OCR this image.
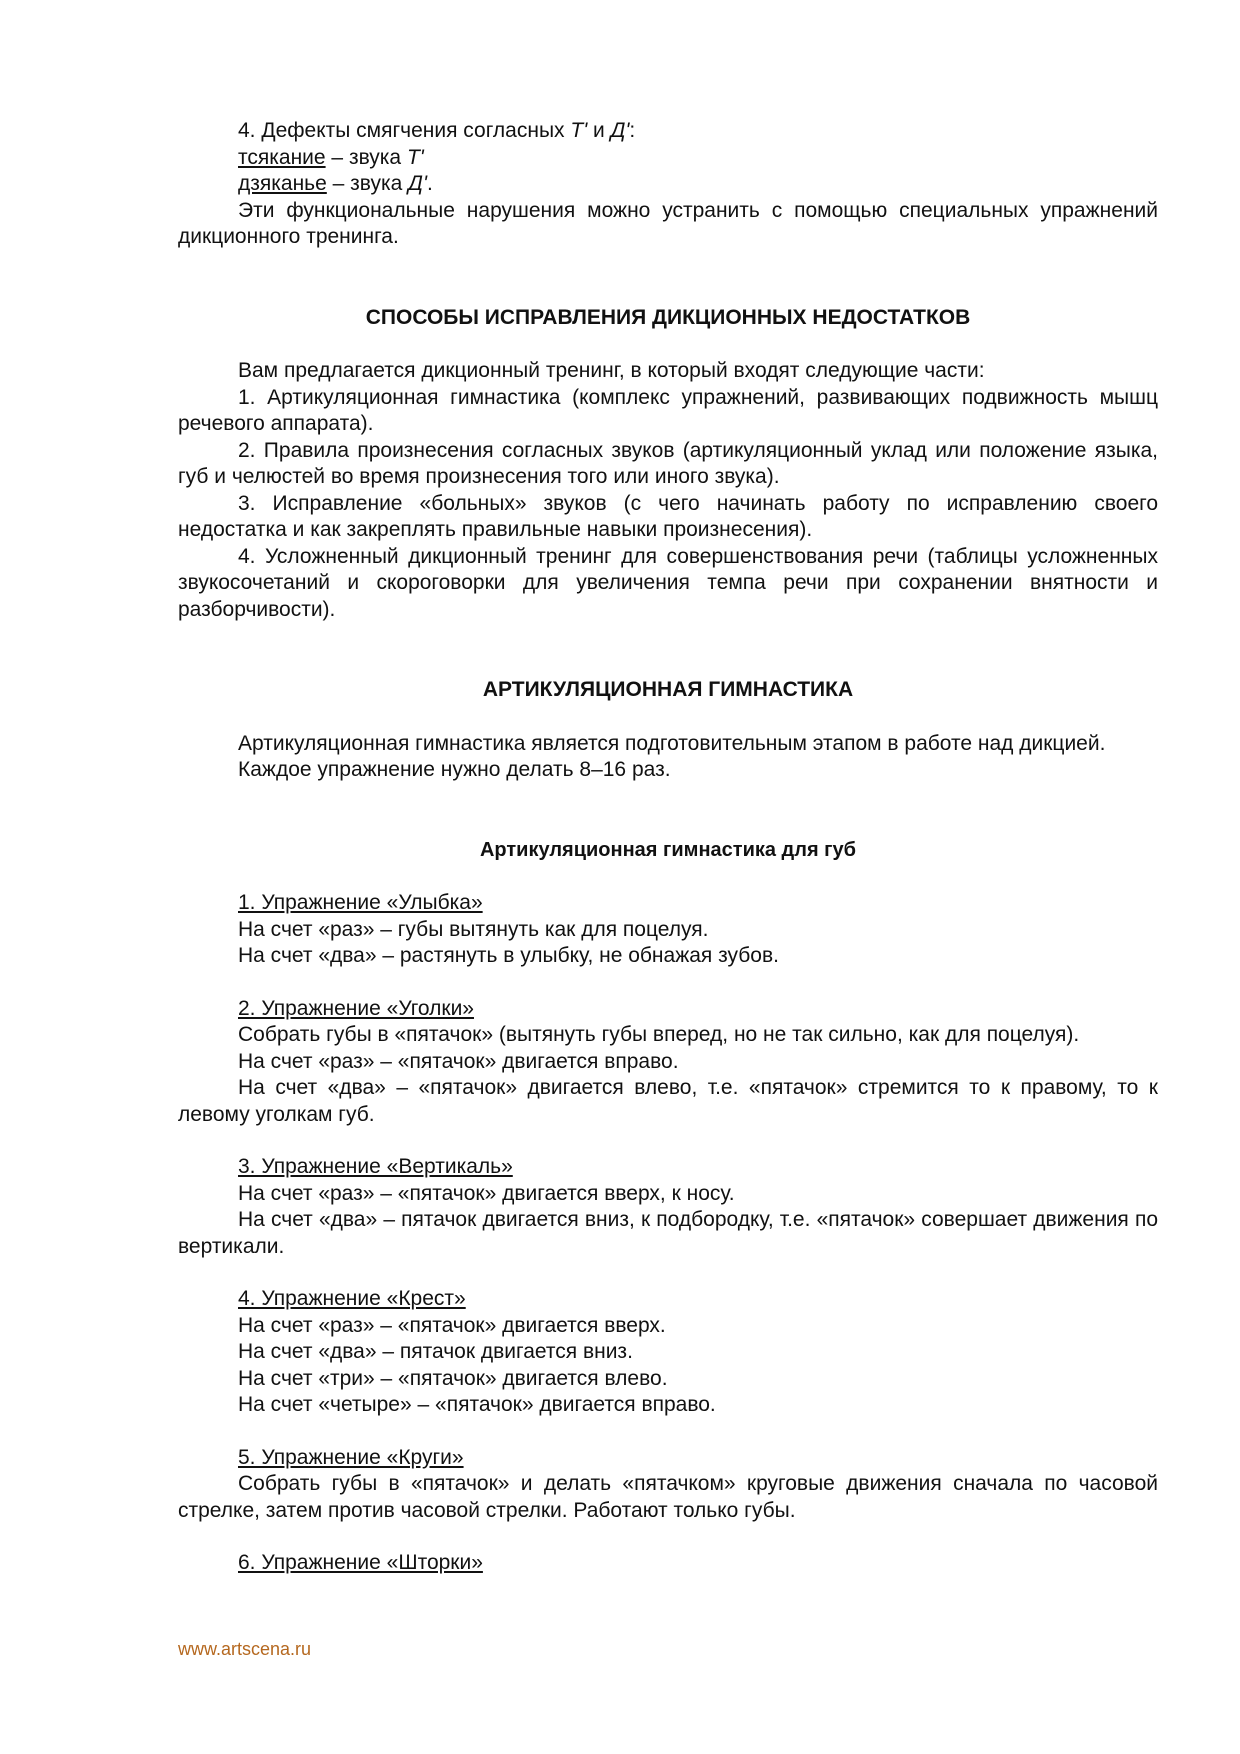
4. Дефекты смягчения согласных Т' и Д':

тсякание – звука Т'

дзяканье – звука Д'.

Эти функциональные нарушения можно устранить с помощью специальных упражнений дикционного тренинга.

СПОСОБЫ ИСПРАВЛЕНИЯ ДИКЦИОННЫХ НЕДОСТАТКОВ

Вам предлагается дикционный тренинг, в который входят следующие части:

1. Артикуляционная гимнастика (комплекс упражнений, развивающих подвижность мышц речевого аппарата).

2. Правила произнесения согласных звуков (артикуляционный уклад или положение языка, губ и челюстей во время произнесения того или иного звука).

3. Исправление «больных» звуков (с чего начинать работу по исправлению своего недостатка и как закреплять правильные навыки произнесения).

4. Усложненный дикционный тренинг для совершенствования речи (таблицы усложненных звукосочетаний и скороговорки для увеличения темпа речи при сохранении внятности и разборчивости).

АРТИКУЛЯЦИОННАЯ ГИМНАСТИКА

Артикуляционная гимнастика является подготовительным этапом в работе над дикцией.

Каждое упражнение нужно делать 8–16 раз.

Артикуляционная гимнастика для губ

1. Упражнение «Улыбка»

На счет «раз» – губы вытянуть как для поцелуя.

На счет «два» – растянуть в улыбку, не обнажая зубов.

2. Упражнение «Уголки»

Собрать губы в «пятачок» (вытянуть губы вперед, но не так сильно, как для поцелуя).

На счет «раз» – «пятачок» двигается вправо.

На счет «два» – «пятачок» двигается влево, т.е. «пятачок» стремится то к правому, то к левому уголкам губ.

3. Упражнение «Вертикаль»

На счет «раз» – «пятачок» двигается вверх, к носу.

На счет «два» – пятачок двигается вниз, к подбородку, т.е. «пятачок» совершает движения по вертикали.

4. Упражнение «Крест»

На счет «раз» – «пятачок» двигается вверх.

На счет «два» – пятачок двигается вниз.

На счет «три» – «пятачок» двигается влево.

На счет «четыре» – «пятачок» двигается вправо.

5. Упражнение «Круги»

Собрать губы в «пятачок» и делать «пятачком» круговые движения сначала по часовой стрелке, затем против часовой стрелки. Работают только губы.

6. Упражнение «Шторки»

www.artscena.ru
